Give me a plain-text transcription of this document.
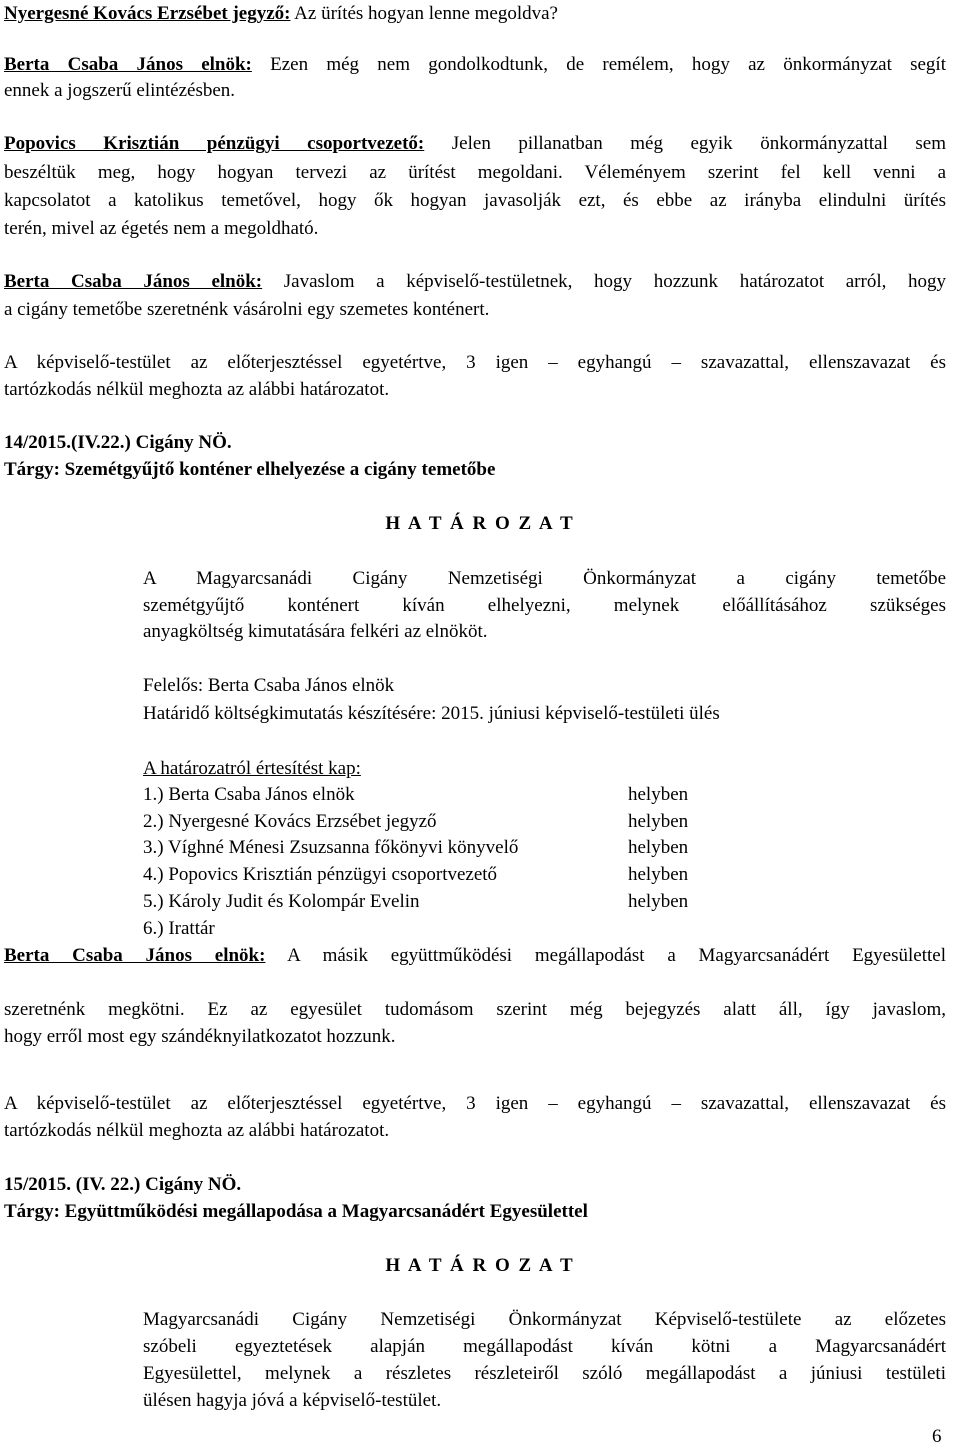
Nyergesné Kovács Erzsébet jegyző: Az ürítés hogyan lenne megoldva?
Berta Csaba János elnök: Ezen még nem gondolkodtunk, de remélem, hogy az önkormányzat segít
ennek a jogszerű elintézésben.
Popovics Krisztián pénzügyi csoportvezető: Jelen pillanatban még egyik önkormányzattal sem
beszéltük meg, hogy hogyan tervezi az ürítést megoldani. Véleményem szerint fel kell venni a
kapcsolatot a katolikus temetővel, hogy ők hogyan javasolják ezt, és ebbe az irányba elindulni ürítés
terén, mivel az égetés nem a megoldható.
Berta Csaba János elnök: Javaslom a képviselő-testületnek, hogy hozzunk határozatot arról, hogy
a cigány temetőbe szeretnénk vásárolni egy szemetes konténert.
A képviselő-testület az előterjesztéssel egyetértve, 3 igen – egyhangú – szavazattal, ellenszavazat és
tartózkodás nélkül meghozta az alábbi határozatot.
14/2015.(IV.22.) Cigány NÖ.
Tárgy: Szemétgyűjtő konténer elhelyezése a cigány temetőbe
H A T Á R O Z A T
A Magyarcsanádi Cigány Nemzetiségi Önkormányzat a cigány temetőbe
szemétgyűjtő konténert kíván elhelyezni, melynek előállításához szükséges
anyagköltség kimutatására felkéri az elnököt.
Felelős: Berta Csaba János elnök
Határidő költségkimutatás készítésére: 2015. júniusi képviselő-testületi ülés
A határozatról értesítést kap:
1.) Berta Csaba János elnök	helyben
2.) Nyergesné Kovács Erzsébet jegyző	helyben
3.) Víghné Ménesi Zsuzsanna főkönyvi könyvelő	helyben
4.) Popovics Krisztián pénzügyi csoportvezető	helyben
5.) Károly Judit és Kolompár Evelin	helyben
6.) Irattár
Berta Csaba János elnök: A másik együttműködési megállapodást a Magyarcsanádért Egyesülettel
szeretnénk megkötni. Ez az egyesület tudomásom szerint még bejegyzés alatt áll, így javaslom,
hogy erről most egy szándéknyilatkozatot hozzunk.
A képviselő-testület az előterjesztéssel egyetértve, 3 igen – egyhangú – szavazattal, ellenszavazat és
tartózkodás nélkül meghozta az alábbi határozatot.
15/2015. (IV. 22.) Cigány NÖ.
Tárgy: Együttműködési megállapodása a Magyarcsanádért Egyesülettel
H A T Á R O Z A T
Magyarcsanádi Cigány Nemzetiségi Önkormányzat Képviselő-testülete az előzetes
szóbeli egyeztetések alapján megállapodást kíván kötni a Magyarcsanádért
Egyesülettel, melynek a részletes részleteiről szóló megállapodást a júniusi testületi
ülésen hagyja jóvá a képviselő-testület.
6
